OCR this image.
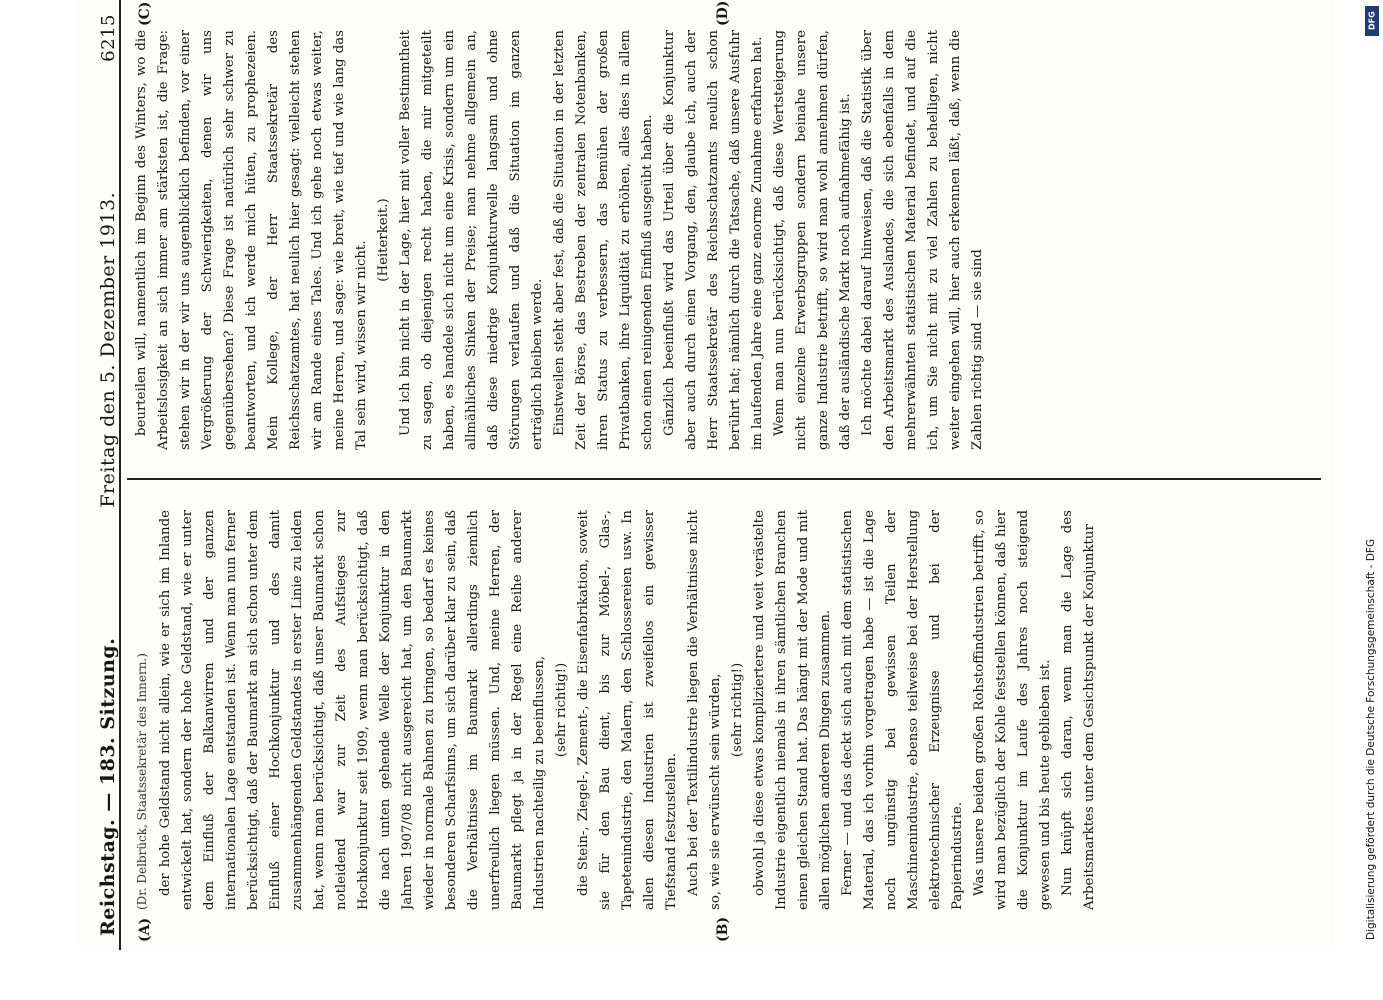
Reichstag. — 183. Sitzung.
Freitag den 5. Dezember 1913.
6215
(A)	(B)
(C)	(D)
(Dr. Delbrück, Staatssekretär des Innern.) der hohe Geldstand nicht allein, wie er sich im Inlande entwickelt hat, sondern der hohe Geldstand, wie er unter dem Einfluß der Balkanwirren und der ganzen internationalen Lage entstanden ist. Wenn man nun ferner berücksichtigt, daß der Baumarkt an sich schon unter dem Einfluß einer Hochkonjunktur und des damit zusammenhängenden Geldstandes in erster Linie zu leiden hat, wenn man berücksichtigt, daß unser Baumarkt schon notleidend war zur Zeit des Aufstieges zur Hochkonjunktur seit 1909, wenn man berücksichtigt, daß die nach unten gehende Welle der Konjunktur in den Jahren 1907/08 nicht ausgereicht hat, um den Baumarkt wieder in normale Bahnen zu bringen, so bedarf es keines besonderen Scharfsinns, um sich darüber klar zu sein, daß die Verhältnisse im Baumarkt allerdings ziemlich unerfreulich liegen müssen. Und, meine Herren, der Baumarkt pflegt ja in der Regel eine Reihe anderer Industrien nachteilig zu beeinflussen, (sehr richtig!) die Stein-, Ziegel-, Zement-, die Eisenfabrikation, soweit sie für den Bau dient, bis zur Möbel-, Glas-, Tapetenindustrie, den Malern, den Schlossereien usw. In allen diesen Industrien ist zweifellos ein gewisser Tiefstand festzustellen. Auch bei der Textilindustrie liegen die Verhältnisse nicht so, wie sie erwünscht sein würden, (sehr richtig!) obwohl ja diese etwas kompliziertere und weit verästelte Industrie eigentlich niemals in ihren sämtlichen Branchen einen gleichen Stand hat. Das hängt mit der Mode und mit allen möglichen anderen Dingen zusammen. Ferner — und das deckt sich auch mit dem statistischen Material, das ich vorhin vorgetragen habe — ist die Lage noch ungünstig bei gewissen Teilen der Maschinenindustrie, ebenso teilweise bei der Herstellung elektrotechnischer Erzeugnisse und bei der Papierindustrie. Was unsere beiden großen Rohstoffindustrien betrifft, so wird man bezüglich der Kohle feststellen können, daß hier die Konjunktur im Laufe des Jahres noch steigend gewesen und bis heute geblieben ist. Nun knüpft sich daran, wenn man die Lage des Arbeitsmarktes unter dem Gesichtspunkt der Konjunktur

beurteilen will, namentlich im Beginn des Winters, wo die Arbeitslosigkeit an sich immer am stärksten ist, die Frage: stehen wir in der wir uns augenblicklich befinden, vor einer Vergrößerung der Schwierigkeiten, denen wir uns gegenübersehen? Diese Frage ist natürlich sehr schwer zu beantworten, und ich werde mich hüten, zu prophezeien. Mein Kollege, der Herr Staatssekretär des Reichsschatzamtes, hat neulich hier gesagt: vielleicht stehen wir am Rande eines Tales. Und ich gehe noch etwas weiter, meine Herren, und sage: wie breit, wie tief und wie lang das Tal sein wird, wissen wir nicht.

(Heiterkeit.) Und ich bin nicht in der Lage, hier mit voller Bestimmtheit zu sagen, ob diejenigen recht haben, die mir mitgeteilt haben, es handele sich nicht um eine Krisis, sondern um ein allmähliches Sinken der Preise; man nehme allgemein an, daß diese niedrige Konjunkturwelle langsam und ohne Störungen verlaufen und daß die Situation im ganzen erträglich bleiben werde. Einstweilen steht aber fest, daß die Situation in der letzten Zeit der Börse, das Bestreben der zentralen Notenbanken, ihren Status zu verbessern, das Bemühen der großen Privatbanken, ihre Liquidität zu erhöhen, alles dies in allem schon einen reinigenden Einfluß ausgeübt haben. Gänzlich beeinflußt wird das Urteil über die Konjunktur aber auch durch einen Vorgang, den, glaube ich, auch der Herr Staatssekretär des Reichsschatzamts neulich schon berührt hat; nämlich durch die Tatsache, daß unsere Ausfuhr im laufenden Jahre eine ganz enorme Zunahme erfahren hat. Wenn man nun berücksichtigt, daß diese Wertsteigerung nicht einzelne Erwerbsgruppen sondern beinahe unsere ganze Industrie betrifft, so wird man wohl annehmen dürfen, daß der ausländische Markt noch aufnahmefähig ist. Ich möchte dabei darauf hinweisen, daß die Statistik über den Arbeitsmarkt des Auslandes, die sich ebenfalls in dem mehrerwähnten statistischen Material befindet, und auf die ich, um Sie nicht mit zu viel Zahlen zu behelligen, nicht weiter eingehen will, hier auch erkennen läßt, daß, wenn die Zahlen richtig sind — sie sind

DFG
Digitalisierung gefördert durch die Deutsche Forschungsgemeinschaft - DFG
